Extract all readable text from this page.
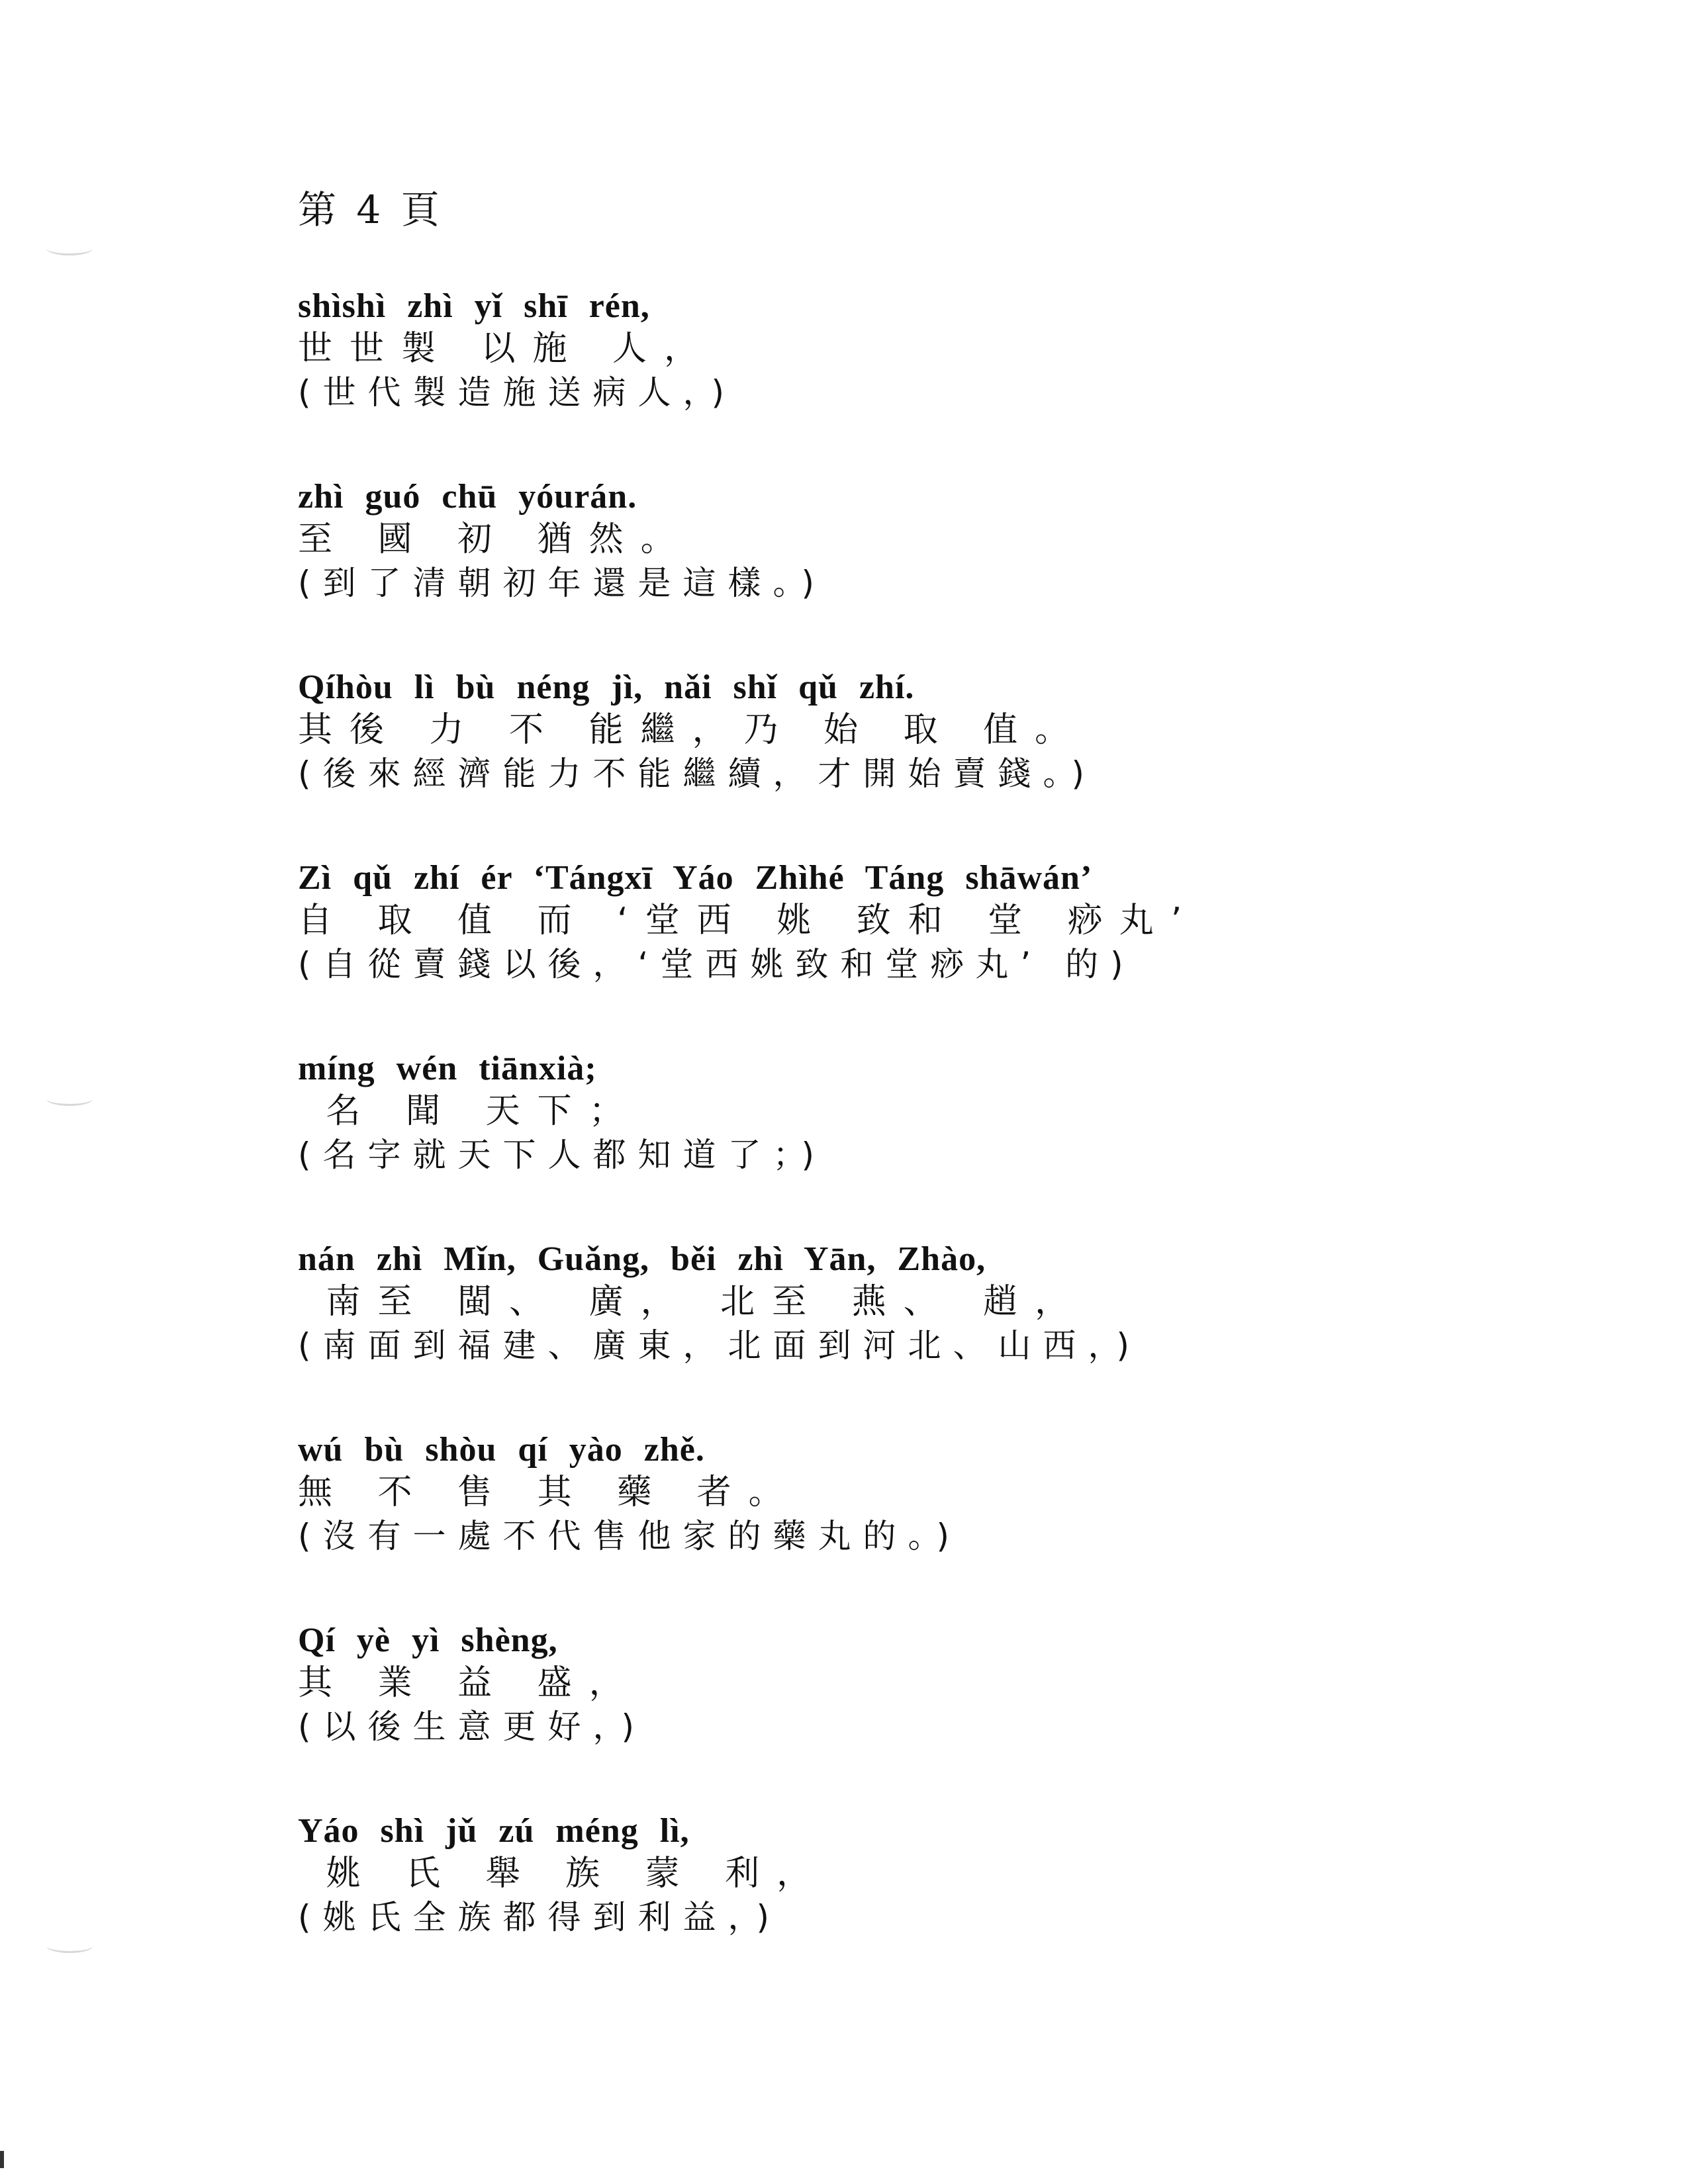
第 4 頁
shìshì zhì yǐ shī rén,
世世製 以施 人，
(世代製造施送病人，)
zhì guó chū yóurán.
至 國 初 猶然。
(到了清朝初年還是這樣。)
Qíhòu lì bù néng jì, nǎi shǐ qǔ zhí.
其後 力 不 能繼，乃 始 取 值。
(後來經濟能力不能繼續，才開始賣錢。)
Zì qǔ zhí ér ‘Tángxī Yáo Zhìhé Táng shāwán’
自 取 值 而 ‘堂西 姚 致和 堂 痧丸’
(自從賣錢以後，‘堂西姚致和堂痧丸’ 的)
míng wén tiānxià;
名 聞 天下；
(名字就天下人都知道了；)
nán zhì Mǐn, Guǎng, běi zhì Yān, Zhào,
南至 閩、 廣， 北至 燕、 趙，
(南面到福建、廣東，北面到河北、山西，)
wú bù shòu qí yào zhě.
無 不 售 其 藥 者。
(沒有一處不代售他家的藥丸的。)
Qí yè yì shèng,
其 業 益 盛，
(以後生意更好，)
Yáo shì jǔ zú méng lì,
姚 氏 舉 族 蒙 利，
(姚氏全族都得到利益，)
